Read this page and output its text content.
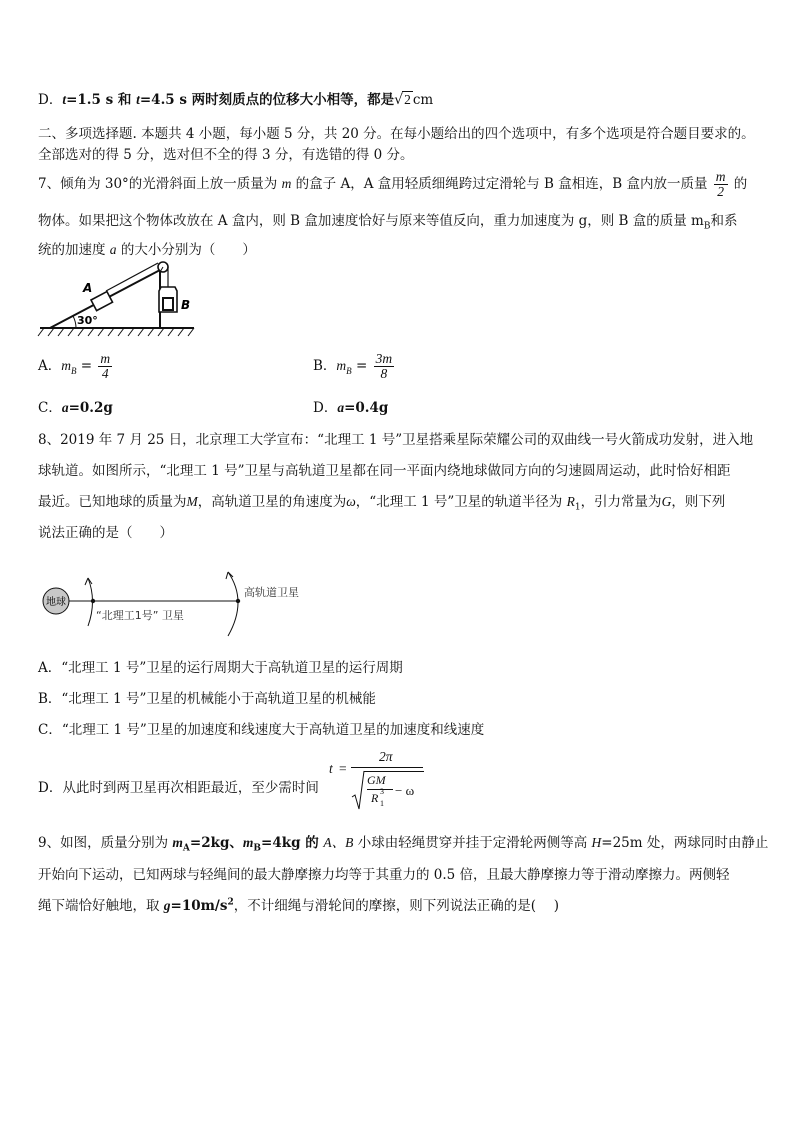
D．t=1.5 s 和 t=4.5 s 两时刻质点的位移大小相等，都是√2 cm
二、多项选择题. 本题共 4 小题，每小题 5 分，共 20 分。在每小题给出的四个选项中，有多个选项是符合题目要求的。
全部选对的得 5 分，选对但不全的得 3 分，有选错的得 0 分。
7、倾角为 30°的光滑斜面上放一质量为 m 的盒子 A，A 盒用轻质细绳跨过定滑轮与 B 盒相连，B 盒内放一质量 $\frac{m}{2}$ 的
物体。如果把这个物体改放在 A 盒内，则 B 盒加速度恰好与原来等值反向，重力加速度为 g，则 B 盒的质量 $m_B$和系
统的加速度 a 的大小分别为（　　）
30°
A
B
A．$m_B = \frac{m}{4}$	B．$m_B = \frac{3m}{8}$
C．a=0.2g	D．a=0.4g
8、2019 年 7 月 25 日，北京理工大学宣布：“北理工 1 号”卫星搭乘星际荣耀公司的双曲线一号火箭成功发射，进入地
球轨道。如图所示，“北理工 1 号”卫星与高轨道卫星都在同一平面内绕地球做同方向的匀速圆周运动，此时恰好相距
最近。已知地球的质量为M，高轨道卫星的角速度为ω，“北理工 1 号”卫星的轨道半径为 $R_1$，引力常量为G，则下列
说法正确的是（　　）
地球
“北理工1号” 卫星
高轨道卫星
A．“北理工 1 号”卫星的运行周期大于高轨道卫星的运行周期
B．“北理工 1 号”卫星的机械能小于高轨道卫星的机械能
C．“北理工 1 号”卫星的加速度和线速度大于高轨道卫星的加速度和线速度
D．从此时到两卫星再次相距最近，至少需时间
t =
2π
GM
R 3
1
− ω
9、如图，质量分别为 $m_A=2kg$、$m_B=4kg$ 的 A、B 小球由轻绳贯穿并挂于定滑轮两侧等高 H=25m 处，两球同时由静止
开始向下运动，已知两球与轻绳间的最大静摩擦力均等于其重力的 0.5 倍，且最大静摩擦力等于滑动摩擦力。两侧轻
绳下端恰好触地，取 $g=10m/s^2$，不计细绳与滑轮间的摩擦，则下列说法正确的是(　 )
